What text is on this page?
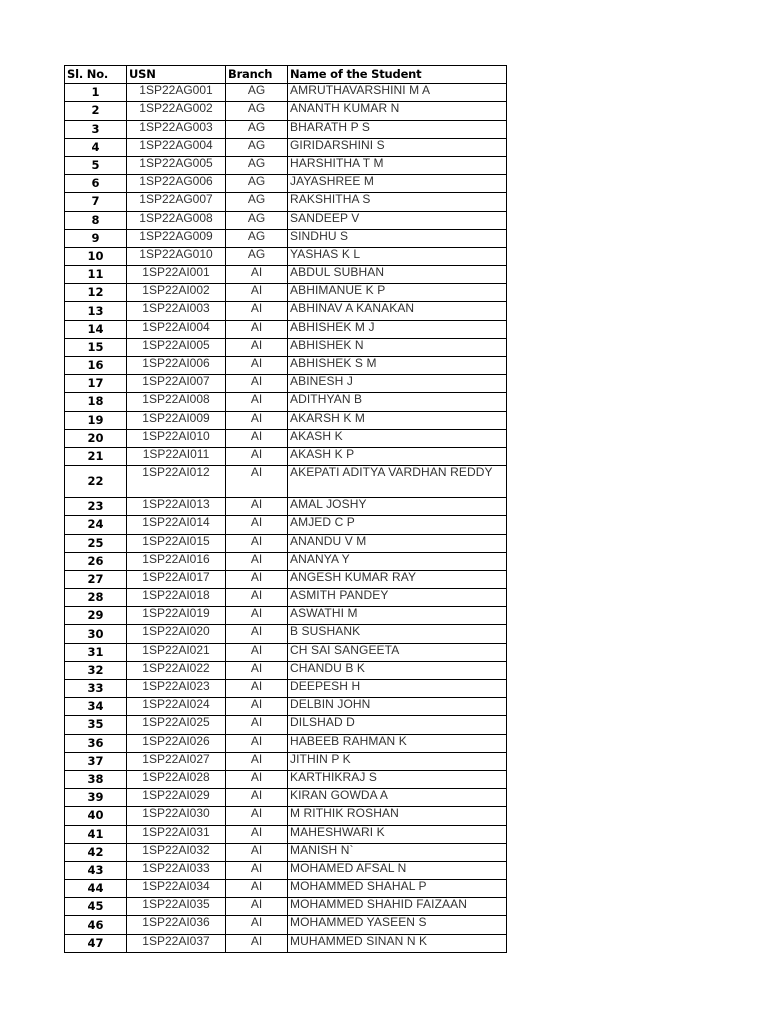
Sl. No.	USN	Branch	Name of the Student
1	1SP22AG001	AG	AMRUTHAVARSHINI M A
2	1SP22AG002	AG	ANANTH KUMAR N
3	1SP22AG003	AG	BHARATH P S
4	1SP22AG004	AG	GIRIDARSHINI S
5	1SP22AG005	AG	HARSHITHA T M
6	1SP22AG006	AG	JAYASHREE M
7	1SP22AG007	AG	RAKSHITHA S
8	1SP22AG008	AG	SANDEEP V
9	1SP22AG009	AG	SINDHU S
10	1SP22AG010	AG	YASHAS K L
11	1SP22AI001	AI	ABDUL SUBHAN
12	1SP22AI002	AI	ABHIMANUE K P
13	1SP22AI003	AI	ABHINAV A KANAKAN
14	1SP22AI004	AI	ABHISHEK M J
15	1SP22AI005	AI	ABHISHEK N
16	1SP22AI006	AI	ABHISHEK S M
17	1SP22AI007	AI	ABINESH J
18	1SP22AI008	AI	ADITHYAN B
19	1SP22AI009	AI	AKARSH K M
20	1SP22AI010	AI	AKASH K
21	1SP22AI011	AI	AKASH K P
22	1SP22AI012	AI	AKEPATI ADITYA VARDHAN REDDY
23	1SP22AI013	AI	AMAL JOSHY
24	1SP22AI014	AI	AMJED C P
25	1SP22AI015	AI	ANANDU V M
26	1SP22AI016	AI	ANANYA Y
27	1SP22AI017	AI	ANGESH KUMAR RAY
28	1SP22AI018	AI	ASMITH PANDEY
29	1SP22AI019	AI	ASWATHI M
30	1SP22AI020	AI	B SUSHANK
31	1SP22AI021	AI	CH SAI SANGEETA
32	1SP22AI022	AI	CHANDU B K
33	1SP22AI023	AI	DEEPESH H
34	1SP22AI024	AI	DELBIN JOHN
35	1SP22AI025	AI	DILSHAD D
36	1SP22AI026	AI	HABEEB RAHMAN K
37	1SP22AI027	AI	JITHIN P K
38	1SP22AI028	AI	KARTHIKRAJ S
39	1SP22AI029	AI	KIRAN GOWDA A
40	1SP22AI030	AI	M RITHIK ROSHAN
41	1SP22AI031	AI	MAHESHWARI K
42	1SP22AI032	AI	MANISH N`
43	1SP22AI033	AI	MOHAMED AFSAL N
44	1SP22AI034	AI	MOHAMMED SHAHAL P
45	1SP22AI035	AI	MOHAMMED SHAHID FAIZAAN
46	1SP22AI036	AI	MOHAMMED YASEEN S
47	1SP22AI037	AI	MUHAMMED SINAN N K
